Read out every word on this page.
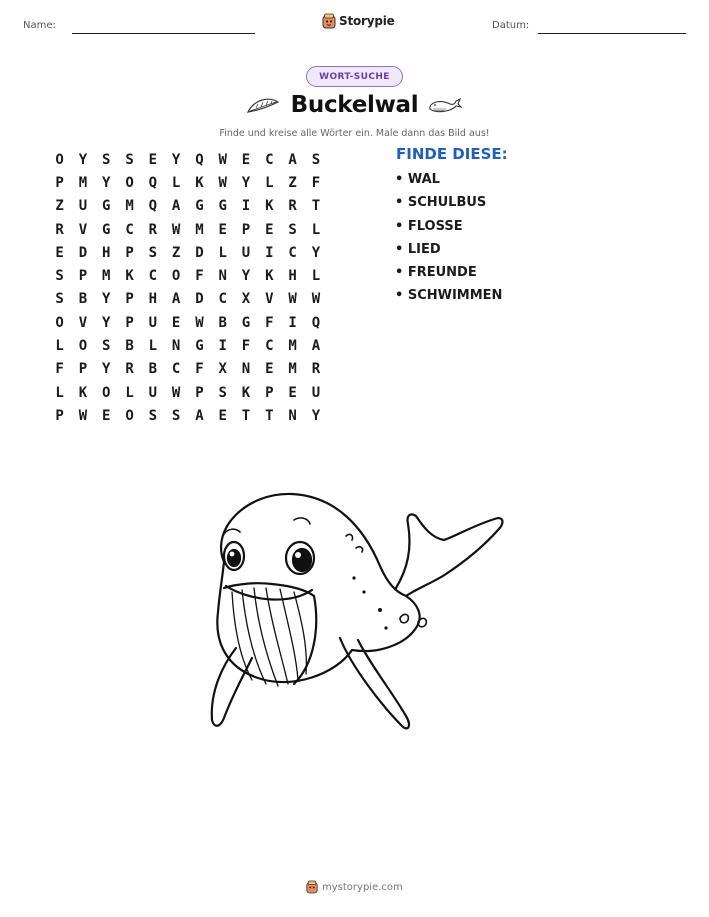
Name:	Storypie	Datum:
WORT-SUCHE
Buckelwal
Finde und kreise alle Wörter ein. Male dann das Bild aus!
O	Y	S	S	E	Y	Q	W	E	C	A	S
P	M	Y	O	Q	L	K	W	Y	L	Z	F
Z	U	G	M	Q	A	G	G	I	K	R	T
R	V	G	C	R	W	M	E	P	E	S	L
E	D	H	P	S	Z	D	L	U	I	C	Y
S	P	M	K	C	O	F	N	Y	K	H	L
S	B	Y	P	H	A	D	C	X	V	W	W
O	V	Y	P	U	E	W	B	G	F	I	Q
L	O	S	B	L	N	G	I	F	C	M	A
F	P	Y	R	B	C	F	X	N	E	M	R
L	K	O	L	U	W	P	S	K	P	E	U
P	W	E	O	S	S	A	E	T	T	N	Y
FINDE DIESE:
• WAL
• SCHULBUS
• FLOSSE
• LIED
• FREUNDE
• SCHWIMMEN
mystorypie.com
